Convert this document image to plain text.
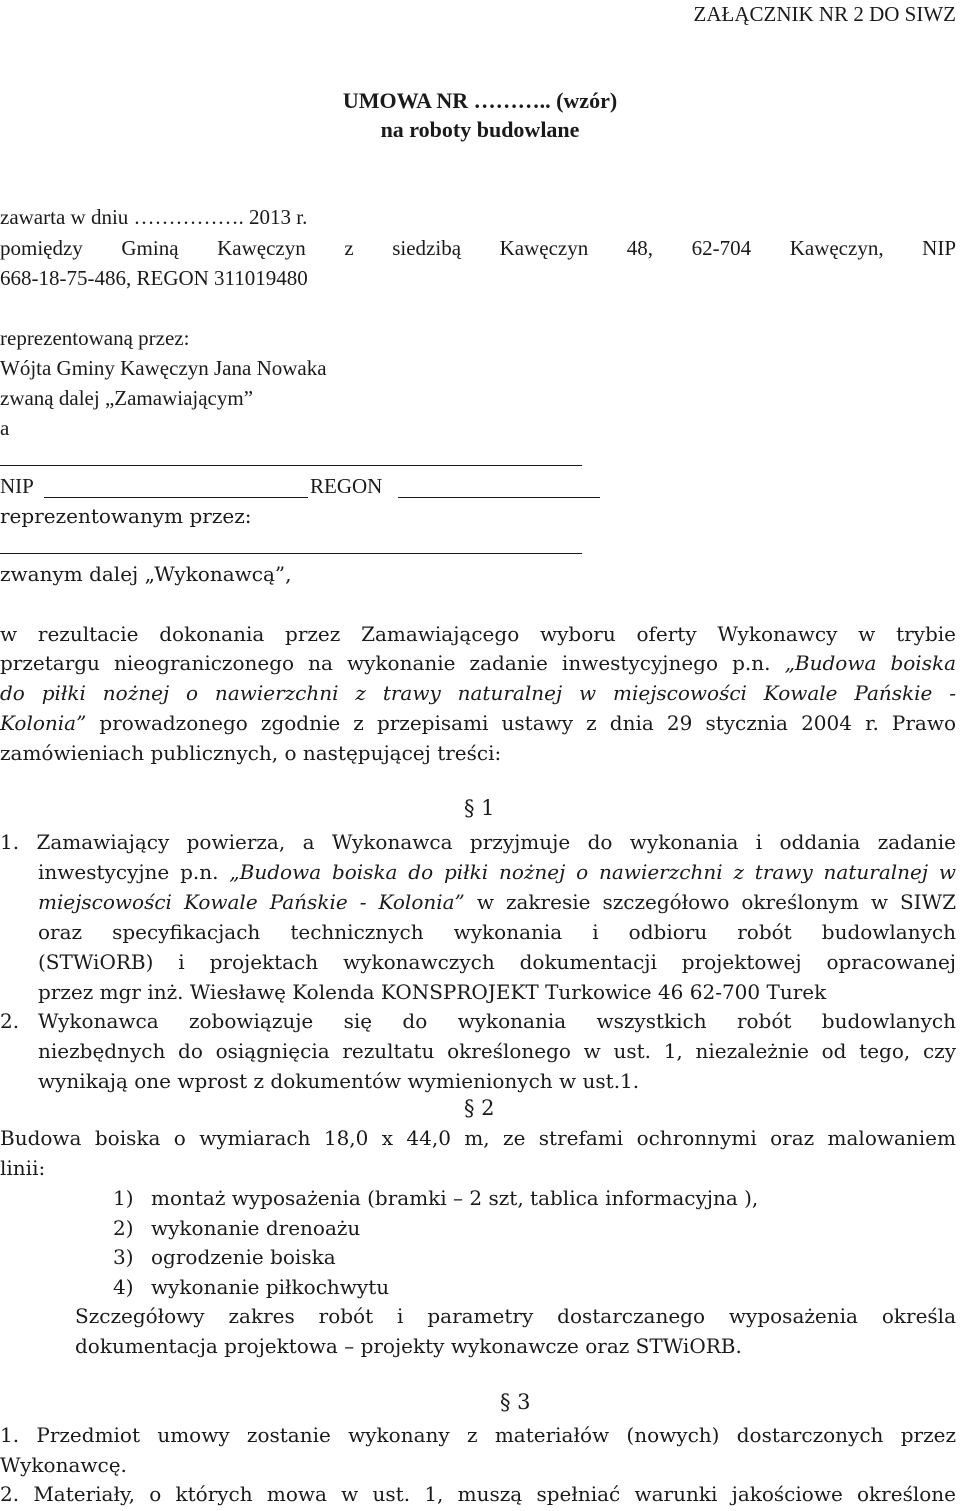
ZAŁĄCZNIK NR 2 DO SIWZ
UMOWA NR ……….. (wzór)
na roboty budowlane
zawarta w dniu ……………. 2013 r.
pomiędzy Gminą Kawęczyn z siedzibą Kawęczyn 48, 62-704 Kawęczyn, NIP
668-18-75-486, REGON 311019480
reprezentowaną przez:
Wójta Gminy Kawęczyn Jana Nowaka
zwaną dalej „Zamawiającym”
a
NIP	REGON
reprezentowanym przez:
zwanym dalej „Wykonawcą”,
w rezultacie dokonania przez Zamawiającego wyboru oferty Wykonawcy w trybie
przetargu nieograniczonego na wykonanie zadanie inwestycyjnego p.n. „Budowa boiska
do piłki nożnej o nawierzchni z trawy naturalnej w miejscowości Kowale Pańskie -
Kolonia” prowadzonego zgodnie z przepisami ustawy z dnia 29 stycznia 2004 r. Prawo
zamówieniach publicznych, o następującej treści:
§ 1
1. Zamawiający powierza, a Wykonawca przyjmuje do wykonania i oddania zadanie
inwestycyjne p.n. „Budowa boiska do piłki nożnej o nawierzchni z trawy naturalnej w
miejscowości Kowale Pańskie - Kolonia” w zakresie szczegółowo określonym w SIWZ
oraz specyfikacjach technicznych wykonania i odbioru robót budowlanych
(STWiORB) i projektach wykonawczych dokumentacji projektowej opracowanej
przez mgr inż. Wiesławę Kolenda KONSPROJEKT Turkowice 46 62-700 Turek
2. Wykonawca zobowiązuje się do wykonania wszystkich robót budowlanych
niezbędnych do osiągnięcia rezultatu określonego w ust. 1, niezależnie od tego, czy
wynikają one wprost z dokumentów wymienionych w ust.1.
§ 2
Budowa boiska o wymiarach 18,0 x 44,0 m, ze strefami ochronnymi oraz malowaniem
linii:
1) montaż wyposażenia (bramki – 2 szt, tablica informacyjna ),
2) wykonanie drenoażu
3) ogrodzenie boiska
4) wykonanie piłkochwytu
Szczegółowy zakres robót i parametry dostarczanego wyposażenia określa
dokumentacja projektowa – projekty wykonawcze oraz STWiORB.
§ 3
1. Przedmiot umowy zostanie wykonany z materiałów (nowych) dostarczonych przez
Wykonawcę.
2. Materiały, o których mowa w ust. 1, muszą spełniać warunki jakościowe określone
